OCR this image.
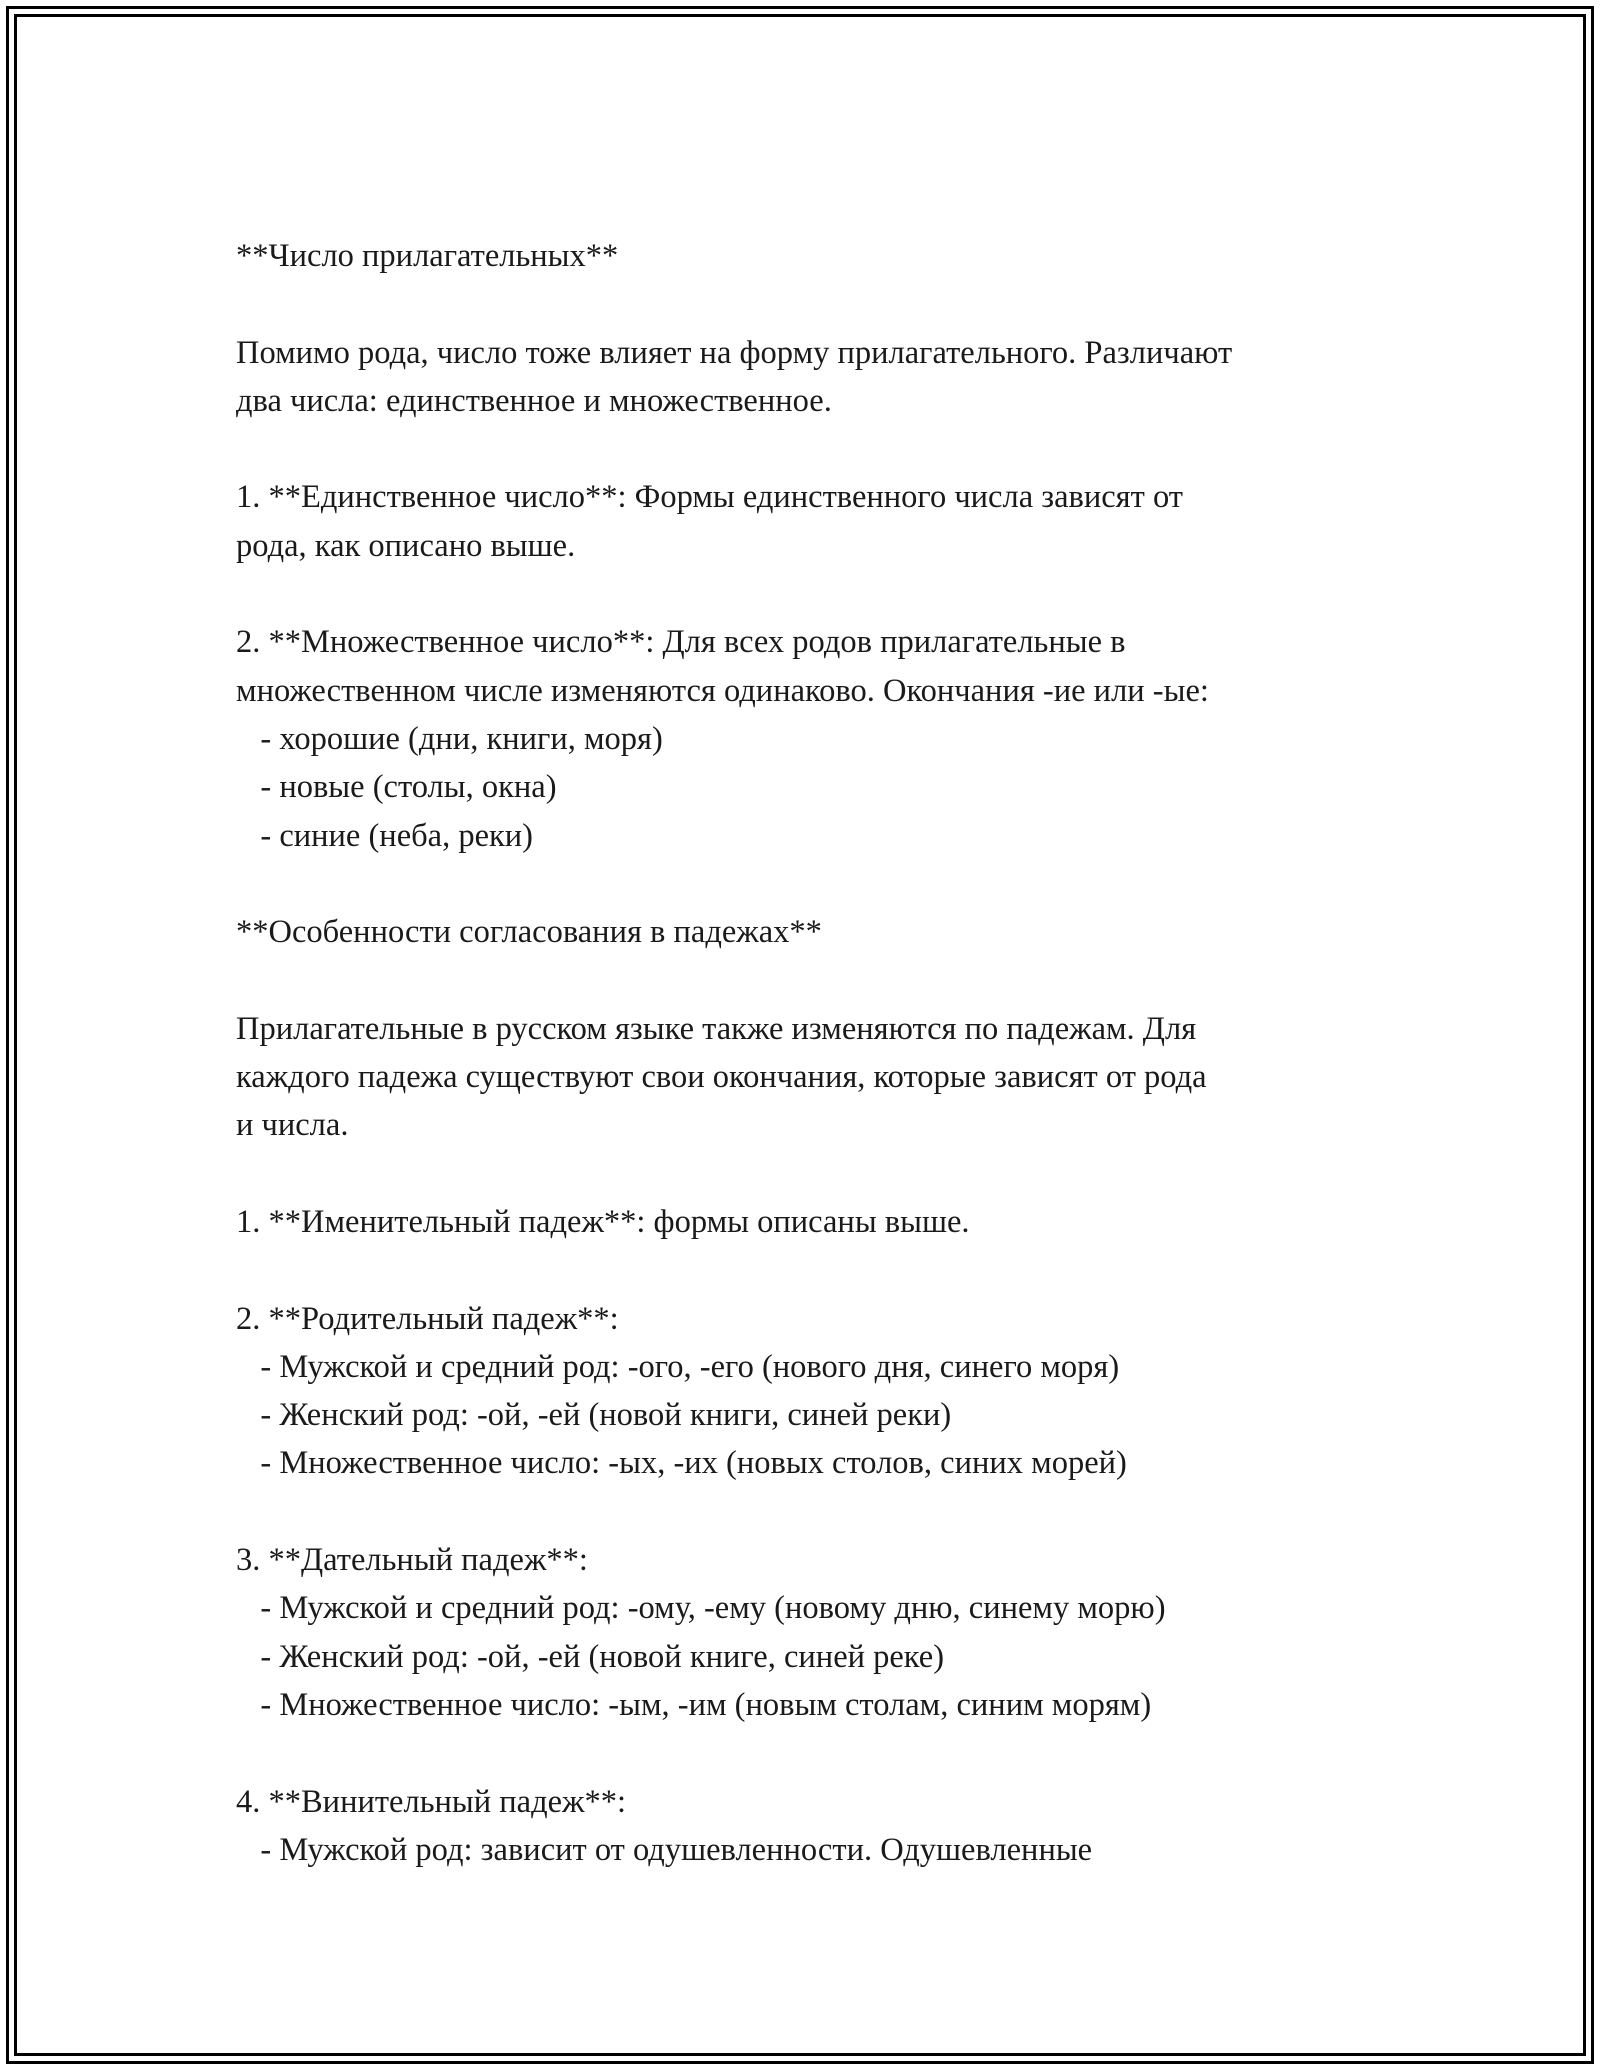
**Число прилагательных**
Помимо рода, число тоже влияет на форму прилагательного. Различают
два числа: единственное и множественное.
1. **Единственное число**: Формы единственного числа зависят от
рода, как описано выше.
2. **Множественное число**: Для всех родов прилагательные в
множественном числе изменяются одинаково. Окончания -ие или -ые:
- хорошие (дни, книги, моря)
- новые (столы, окна)
- синие (неба, реки)
**Особенности согласования в падежах**
Прилагательные в русском языке также изменяются по падежам. Для
каждого падежа существуют свои окончания, которые зависят от рода
и числа.
1. **Именительный падеж**: формы описаны выше.
2. **Родительный падеж**:
- Мужской и средний род: -ого, -его (нового дня, синего моря)
- Женский род: -ой, -ей (новой книги, синей реки)
- Множественное число: -ых, -их (новых столов, синих морей)
3. **Дательный падеж**:
- Мужской и средний род: -ому, -ему (новому дню, синему морю)
- Женский род: -ой, -ей (новой книге, синей реке)
- Множественное число: -ым, -им (новым столам, синим морям)
4. **Винительный падеж**:
- Мужской род: зависит от одушевленности. Одушевленные
